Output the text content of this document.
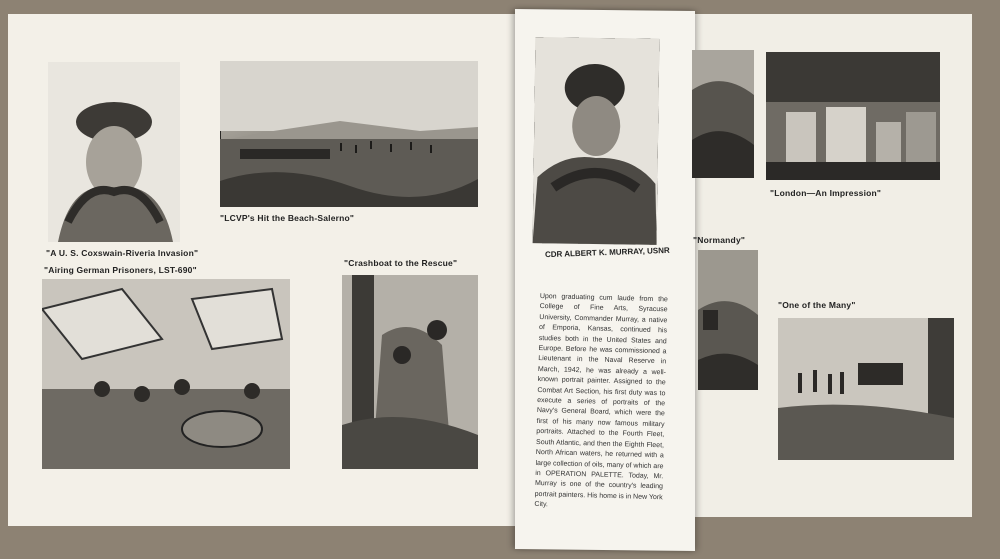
"A U. S. Coxswain-Riveria Invasion"
"Airing German Prisoners, LST-690"
"LCVP's Hit the Beach-Salerno"
"Crashboat to the Rescue"
"London—An Impression"
"Normandy"
"One of the Many"
CDR ALBERT K. MURRAY, USNR
Upon graduating cum laude from the College of Fine Arts, Syracuse University, Commander Murray, a native of Emporia, Kansas, continued his studies both in the United States and Europe. Before he was commissioned a Lieutenant in the Naval Reserve in March, 1942, he was already a well-known portrait painter. Assigned to the Combat Art Section, his first duty was to execute a series of portraits of the Navy's General Board, which were the first of his many now famous military portraits. Attached to the Fourth Fleet, South Atlantic, and then the Eighth Fleet, North African waters, he returned with a large collection of oils, many of which are in OPERATION PALETTE. Today, Mr. Murray is one of the country's leading portrait painters. His home is in New York City.
